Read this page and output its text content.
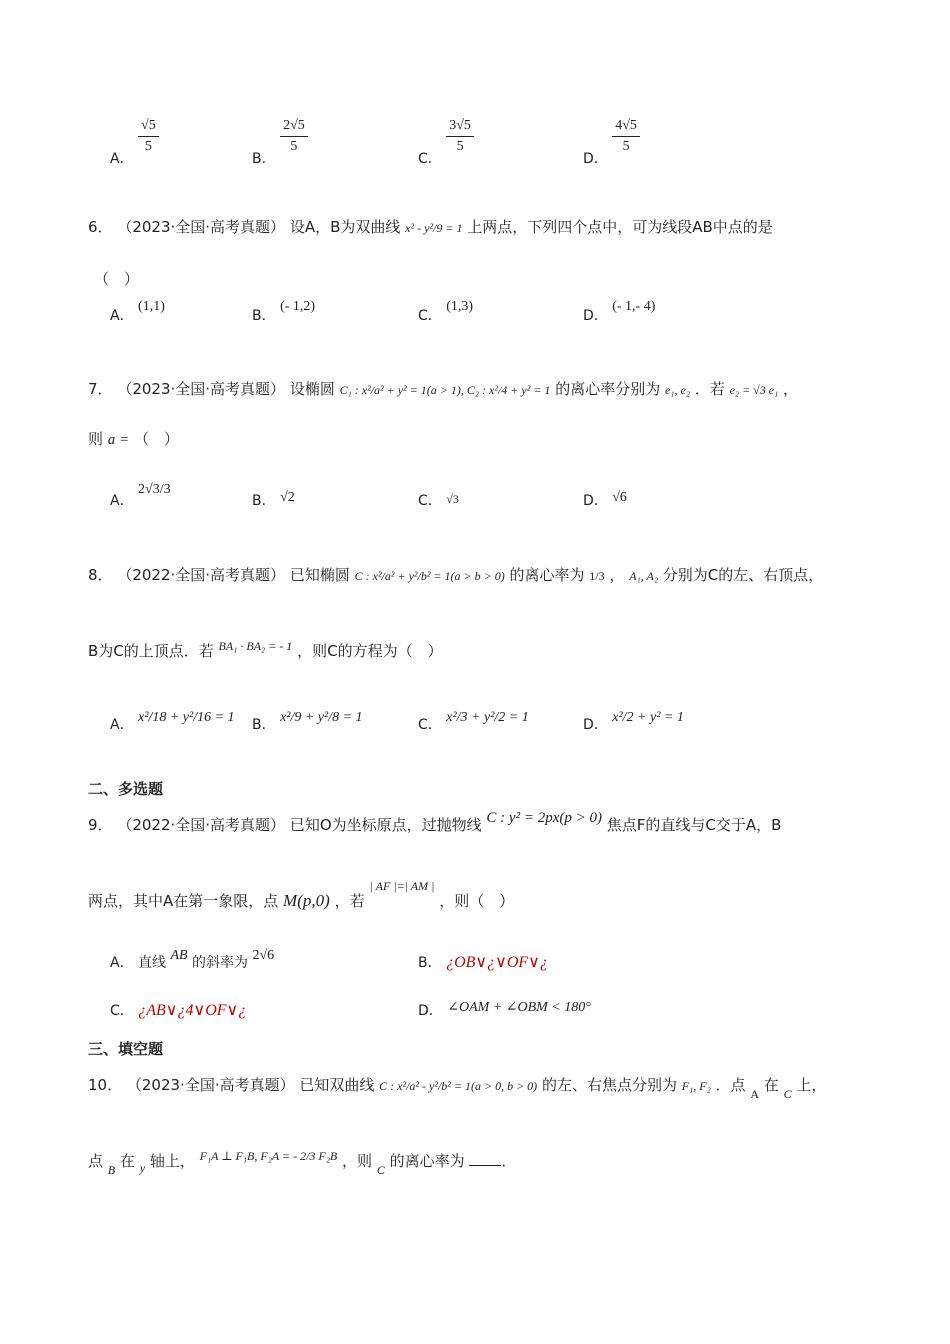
A．
$\frac{√5}{5}$
B．
$\frac{2√5}{5}$
C．
$\frac{3√5}{5}$
D．
$\frac{4√5}{5}$
6． （2023·全国·高考真题） 设A，B为双曲线 x² - y²/9 = 1 上两点，下列四个点中，可为线段AB中点的是
（　）
A． (1,1)
B． (- 1,2)
C． (1,3)
D． (- 1,- 4)
7． （2023·全国·高考真题） 设椭圆 C₁ : x²/a² + y² = 1(a > 1), C₂ : x²/4 + y² = 1 的离心率分别为 e₁, e₂ ．若 e₂ = √3 e₁ ，
则 a = （　）
A． 2√3/3
B． √2	C． √3	D． √6
8． （2022·全国·高考真题） 已知椭圆 C : x²/a² + y²/b² = 1(a > b > 0) 的离心率为 1/3 ， A₁, A₂ 分别为C的左、右顶点，
B为C的上顶点．若 $^{BA_1 \cdot BA_2 = - 1}$ ，则C的方程为（　）
A． x²/18 + y²/16 = 1 B． x²/9 + y²/8 = 1	C． x²/3 + y²/2 = 1	D． x²/2 + y² = 1
二、多选题
9． （2022·全国·高考真题） 已知O为坐标原点，过抛物线 C : y² = 2px(p > 0) 焦点F的直线与C交于A，B
两点，其中A在第一象限，点 M(p,0) ，若 $^{| AF |=| AM |}$ ，则（　）
A． 直线 AB 的斜率为 2√6	B． ¿OB∨¿∨OF∨¿
C． ¿AB∨¿4∨OF∨¿	D． ∠OAM + ∠OBM < 180°
三、填空题
10． （2023·全国·高考真题） 已知双曲线 C : x²/a² - y²/b² = 1(a > 0, b > 0) 的左、右焦点分别为 F₁, F₂ ．点 $_A$ 在 $_C$ 上，
点 $_B$ 在 $_y$ 轴上， $^{F_1A \perp F_1B, F_2A = - 2/3 F_2B}$ ，则 $_C$ 的离心率为 ．
